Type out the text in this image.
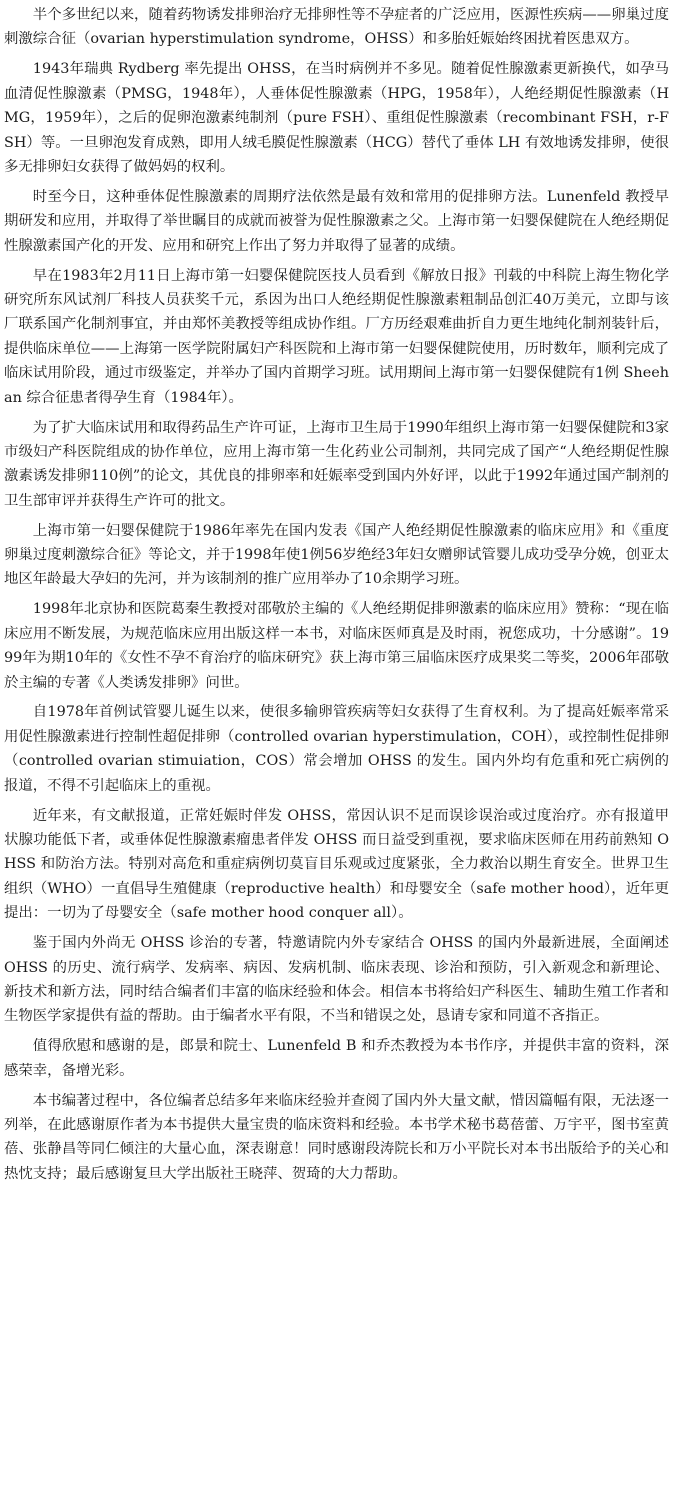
半个多世纪以来，随着药物诱发排卵治疗无排卵性等不孕症者的广泛应用，医源性疾病——卵巢过度刺激综合征（ovarian hyperstimulation syndrome，OHSS）和多胎妊娠始终困扰着医患双方。

1943年瑞典 Rydberg 率先提出 OHSS，在当时病例并不多见。随着促性腺激素更新换代，如孕马血清促性腺激素（PMSG，1948年），人垂体促性腺激素（HPG，1958年），人绝经期促性腺激素（HMG，1959年），之后的促卵泡激素纯制剂（pure FSH）、重组促性腺激素（recombinant FSH，r-FSH）等。一旦卵泡发育成熟，即用人绒毛膜促性腺激素（HCG）替代了垂体 LH 有效地诱发排卵，使很多无排卵妇女获得了做妈妈的权利。

时至今日，这种垂体促性腺激素的周期疗法依然是最有效和常用的促排卵方法。Lunenfeld 教授早期研发和应用，并取得了举世瞩目的成就而被誉为促性腺激素之父。上海市第一妇婴保健院在人绝经期促性腺激素国产化的开发、应用和研究上作出了努力并取得了显著的成绩。

早在1983年2月11日上海市第一妇婴保健院医技人员看到《解放日报》刊载的中科院上海生物化学研究所东风试剂厂科技人员获奖千元，系因为出口人绝经期促性腺激素粗制品创汇40万美元，立即与该厂联系国产化制剂事宜，并由郑怀美教授等组成协作组。厂方历经艰难曲折自力更生地纯化制剂装针后，提供临床单位——上海第一医学院附属妇产科医院和上海市第一妇婴保健院使用，历时数年，顺利完成了临床试用阶段，通过市级鉴定，并举办了国内首期学习班。试用期间上海市第一妇婴保健院有1例 Sheehan 综合征患者得孕生育（1984年）。

为了扩大临床试用和取得药品生产许可证，上海市卫生局于1990年组织上海市第一妇婴保健院和3家市级妇产科医院组成的协作单位，应用上海市第一生化药业公司制剂，共同完成了国产“人绝经期促性腺激素诱发排卵110例”的论文，其优良的排卵率和妊娠率受到国内外好评，以此于1992年通过国产制剂的卫生部审评并获得生产许可的批文。

上海市第一妇婴保健院于1986年率先在国内发表《国产人绝经期促性腺激素的临床应用》和《重度卵巢过度刺激综合征》等论文，并于1998年使1例56岁绝经3年妇女赠卵试管婴儿成功受孕分娩，创亚太地区年龄最大孕妇的先河，并为该制剂的推广应用举办了10余期学习班。

1998年北京协和医院葛秦生教授对邵敬於主编的《人绝经期促排卵激素的临床应用》赞称：“现在临床应用不断发展，为规范临床应用出版这样一本书，对临床医师真是及时雨，祝您成功，十分感谢”。1999年为期10年的《女性不孕不育治疗的临床研究》获上海市第三届临床医疗成果奖二等奖，2006年邵敬於主编的专著《人类诱发排卵》问世。

自1978年首例试管婴儿诞生以来，使很多输卵管疾病等妇女获得了生育权利。为了提高妊娠率常采用促性腺激素进行控制性超促排卵（controlled ovarian hyperstimulation，COH），或控制性促排卵（controlled ovarian stimuiation，COS）常会增加 OHSS 的发生。国内外均有危重和死亡病例的报道，不得不引起临床上的重视。

近年来，有文献报道，正常妊娠时伴发 OHSS，常因认识不足而误诊误治或过度治疗。亦有报道甲状腺功能低下者，或垂体促性腺激素瘤患者伴发 OHSS 而日益受到重视，要求临床医师在用药前熟知 OHSS 和防治方法。特别对高危和重症病例切莫盲目乐观或过度紧张，全力救治以期生育安全。世界卫生组织（WHO）一直倡导生殖健康（reproductive health）和母婴安全（safe mother hood），近年更提出：一切为了母婴安全（safe mother hood conquer all）。

鉴于国内外尚无 OHSS 诊治的专著，特邀请院内外专家结合 OHSS 的国内外最新进展，全面阐述 OHSS 的历史、流行病学、发病率、病因、发病机制、临床表现、诊治和预防，引入新观念和新理论、新技术和新方法，同时结合编者们丰富的临床经验和体会。相信本书将给妇产科医生、辅助生殖工作者和生物医学家提供有益的帮助。由于编者水平有限，不当和错误之处，恳请专家和同道不吝指正。

值得欣慰和感谢的是，郎景和院士、Lunenfeld B 和乔杰教授为本书作序，并提供丰富的资料，深感荣幸，备增光彩。

本书编著过程中，各位编者总结多年来临床经验并查阅了国内外大量文献，惜因篇幅有限，无法逐一列举，在此感谢原作者为本书提供大量宝贵的临床资料和经验。本书学术秘书葛蓓蕾、万宇平，图书室黄蓓、张静昌等同仁倾注的大量心血，深表谢意！同时感谢段涛院长和万小平院长对本书出版给予的关心和热忱支持；最后感谢复旦大学出版社王晓萍、贺琦的大力帮助。
